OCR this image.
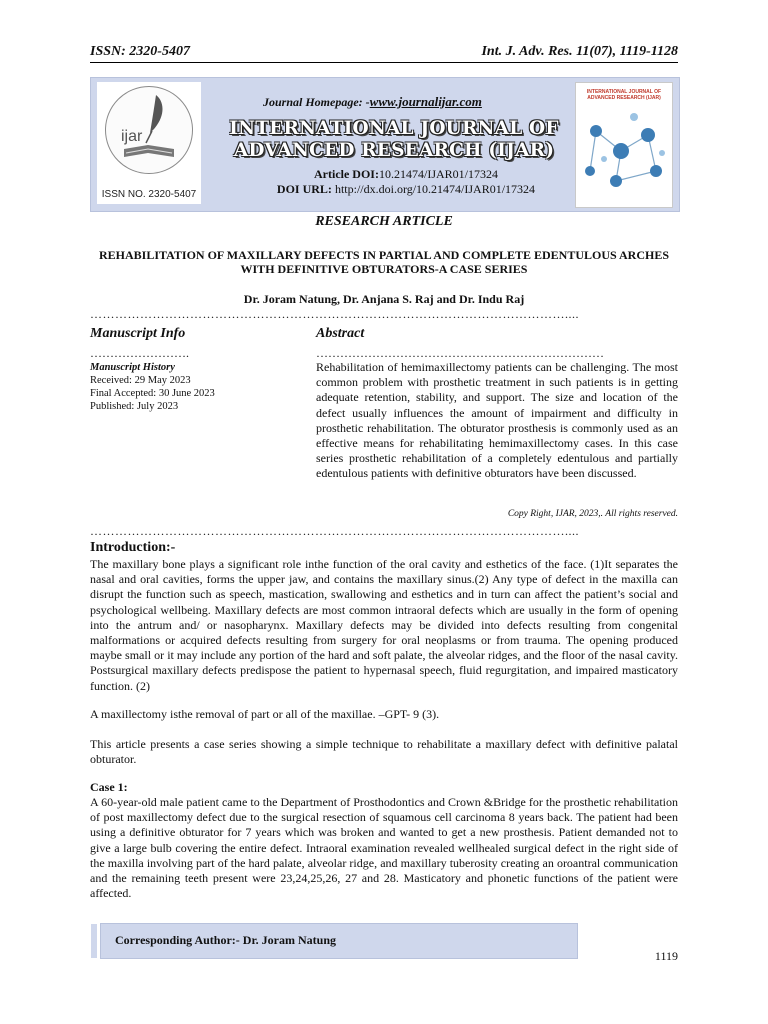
ISSN: 2320-5407	Int. J. Adv. Res. 11(07), 1119-1128
ijar
ISSN NO. 2320-5407
Journal Homepage: -www.journalijar.com
INTERNATIONAL JOURNAL OF
ADVANCED RESEARCH (IJAR)
Article DOI:10.21474/IJAR01/17324
DOI URL: http://dx.doi.org/10.21474/IJAR01/17324
INTERNATIONAL JOURNAL OF ADVANCED RESEARCH (IJAR)
RESEARCH ARTICLE
REHABILITATION OF MAXILLARY DEFECTS IN PARTIAL AND COMPLETE EDENTULOUS ARCHES WITH DEFINITIVE OBTURATORS-A CASE SERIES
Dr. Joram Natung, Dr. Anjana S. Raj and Dr. Indu Raj
……………………………………………………………………………………………………....
Manuscript Info	Abstract
…………………….	………………………………………………………………
Manuscript History
Received: 29 May 2023
Final Accepted: 30 June 2023
Published: July 2023
Rehabilitation of hemimaxillectomy patients can be challenging. The most common problem with prosthetic treatment in such patients is in getting adequate retention, stability, and support. The size and location of the defect usually influences the amount of impairment and difficulty in prosthetic rehabilitation. The obturator prosthesis is commonly used as an effective means for rehabilitating hemimaxillectomy cases. In this case series prosthetic rehabilitation of a completely edentulous and partially edentulous patients with definitive obturators have been discussed.
Copy Right, IJAR, 2023,. All rights reserved.
……………………………………………………………………………………………………....
Introduction:-
The maxillary bone plays a significant role inthe function of the oral cavity and esthetics of the face. (1)It separates the nasal and oral cavities, forms the upper jaw, and contains the maxillary sinus.(2) Any type of defect in the maxilla can disrupt the function such as speech, mastication, swallowing and esthetics and in turn can affect the patient’s social and psychological wellbeing. Maxillary defects are most common intraoral defects which are usually in the form of opening into the antrum and/ or nasopharynx. Maxillary defects may be divided into defects resulting from congenital malformations or acquired defects resulting from surgery for oral neoplasms or from trauma. The opening produced maybe small or it may include any portion of the hard and soft palate, the alveolar ridges, and the floor of the nasal cavity. Postsurgical maxillary defects predispose the patient to hypernasal speech, fluid regurgitation, and impaired masticatory function. (2)
A maxillectomy isthe removal of part or all of the maxillae. –GPT- 9 (3).
This article presents a case series showing a simple technique to rehabilitate a maxillary defect with definitive palatal obturator.
Case 1:
A 60-year-old male patient came to the Department of Prosthodontics and Crown &Bridge for the prosthetic rehabilitation of post maxillectomy defect due to the surgical resection of squamous cell carcinoma 8 years back. The patient had been using a definitive obturator for 7 years which was broken and wanted to get a new prosthesis. Patient demanded not to give a large bulb covering the entire defect. Intraoral examination revealed wellhealed surgical defect in the right side of the maxilla involving part of the hard palate, alveolar ridge, and maxillary tuberosity creating an oroantral communication and the remaining teeth present were 23,24,25,26, 27 and 28. Masticatory and phonetic functions of the patient were affected.
Corresponding Author:- Dr. Joram Natung
1119
